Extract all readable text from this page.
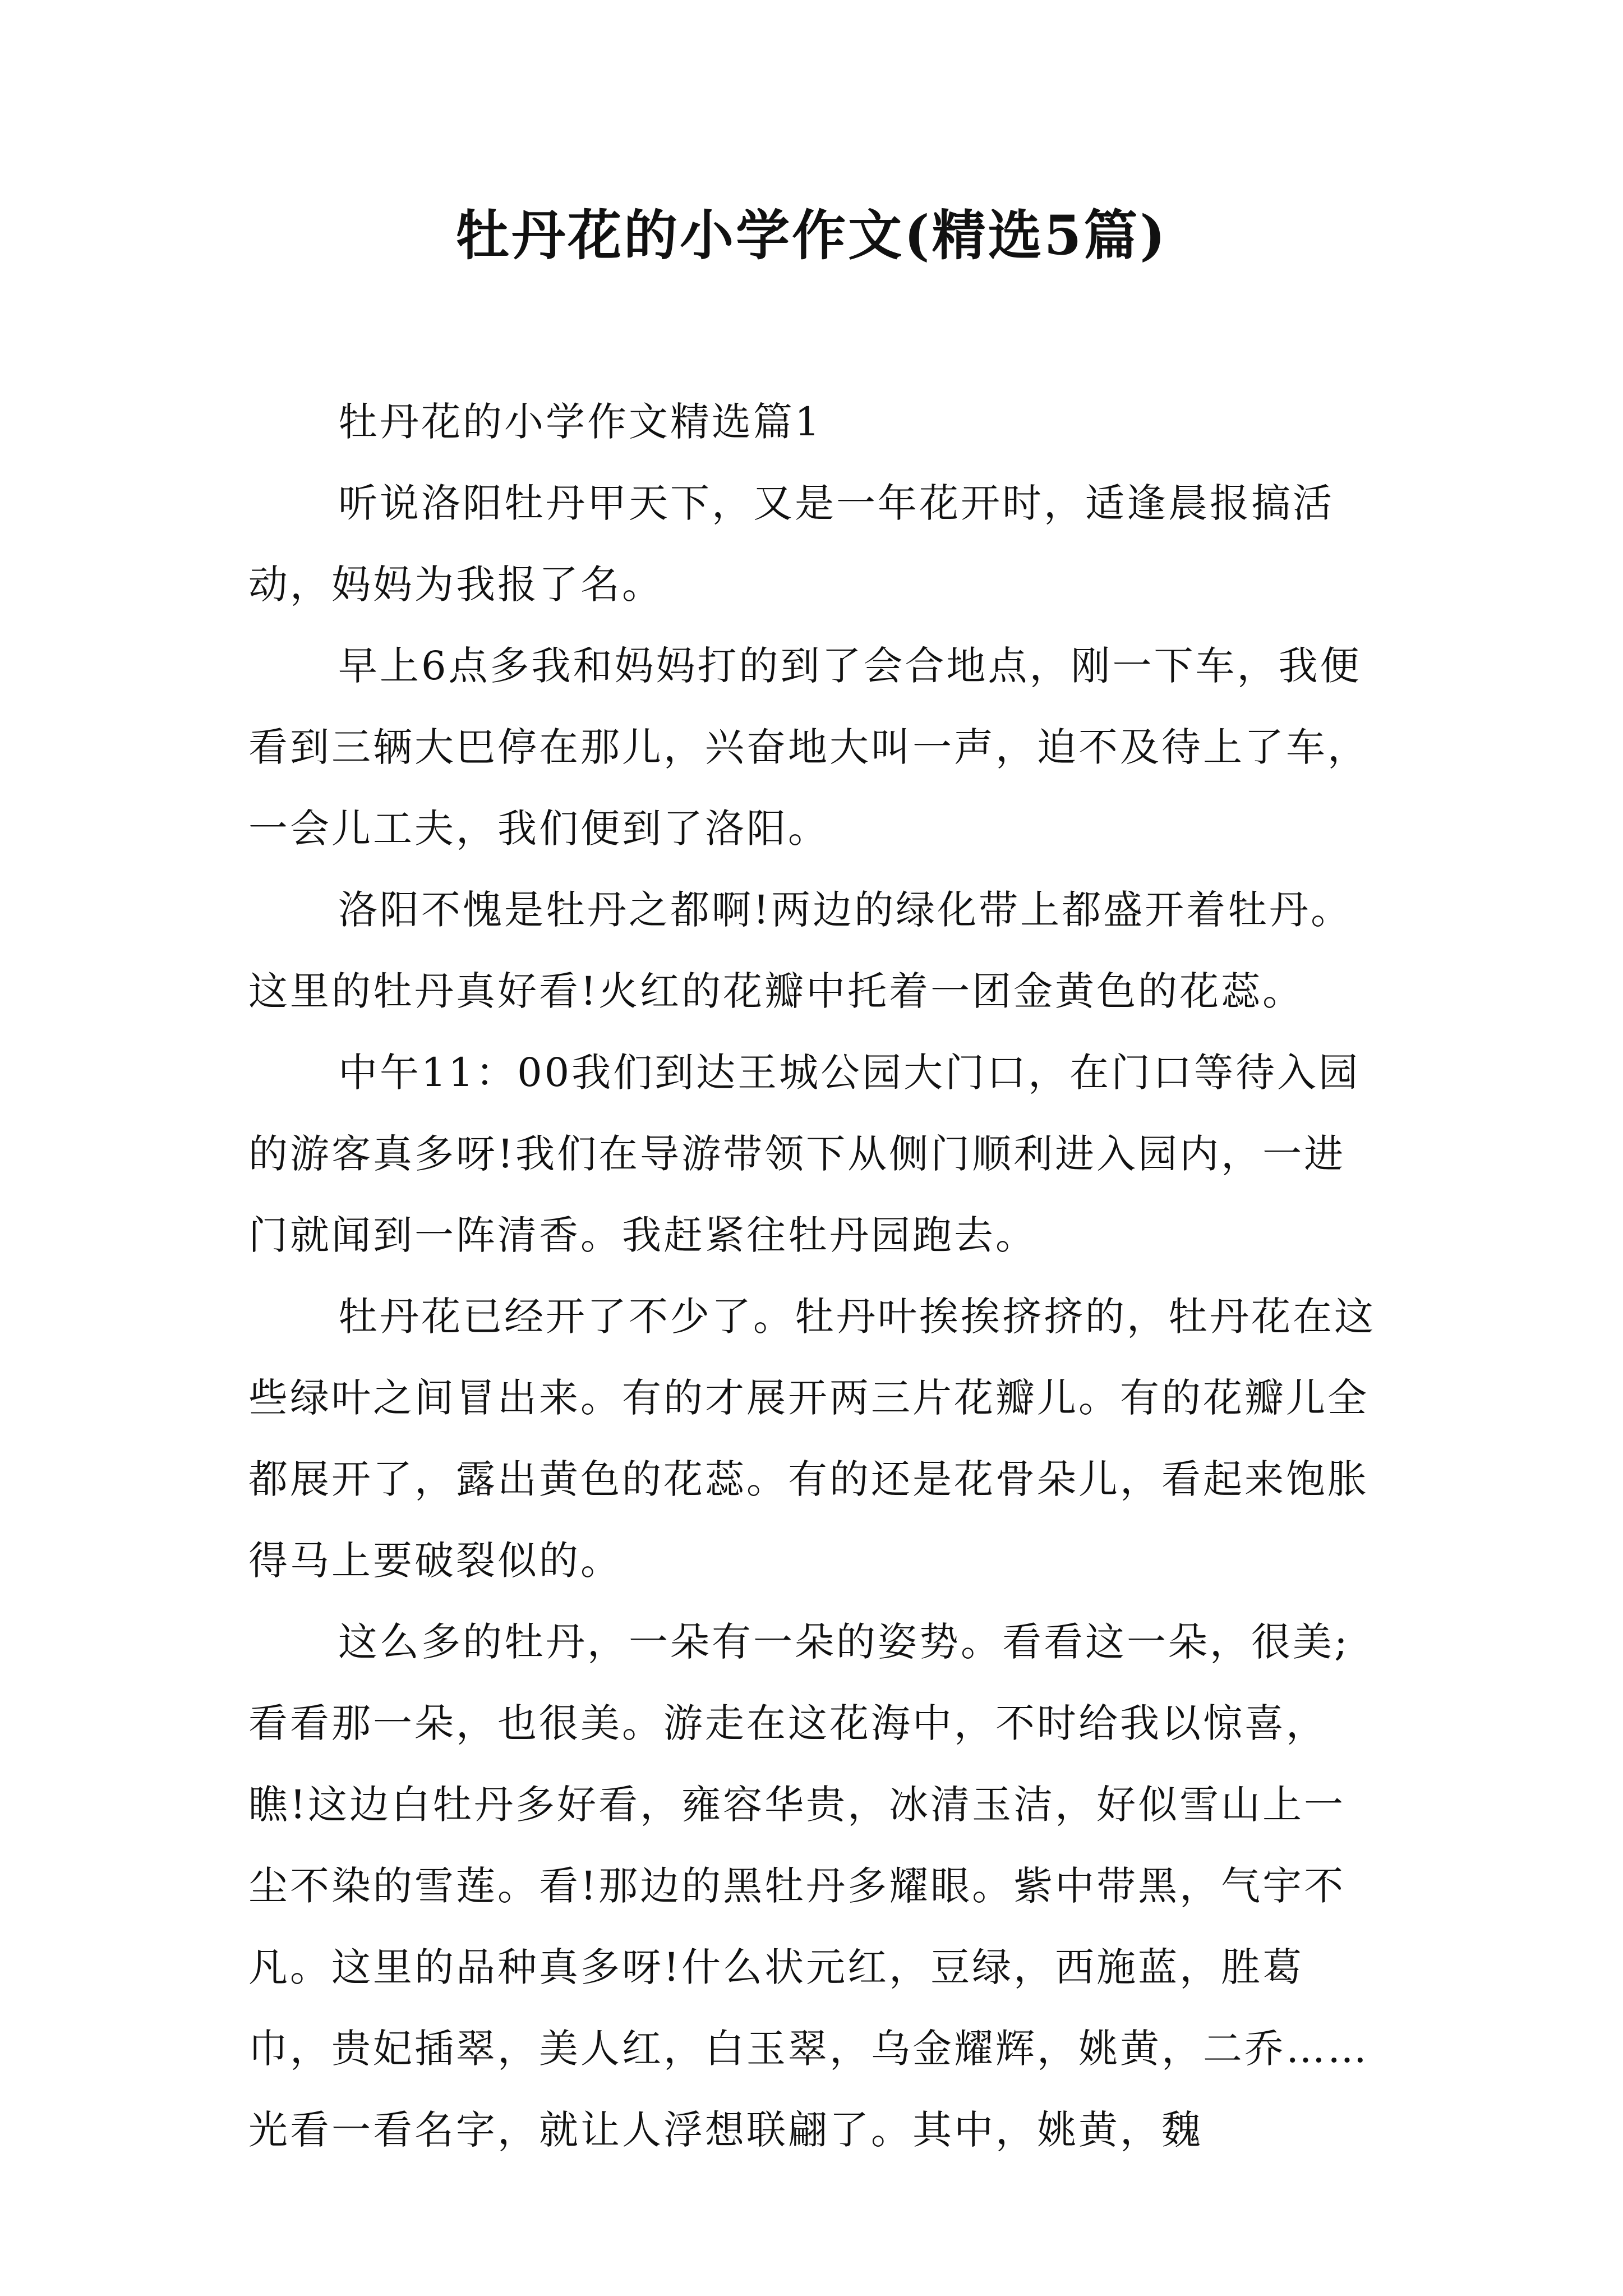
牡丹花的小学作文(精选5篇)

牡丹花的小学作文精选篇1

听说洛阳牡丹甲天下，又是一年花开时，适逢晨报搞活动，妈妈为我报了名。

早上6点多我和妈妈打的到了会合地点，刚一下车，我便看到三辆大巴停在那儿，兴奋地大叫一声，迫不及待上了车，一会儿工夫，我们便到了洛阳。

洛阳不愧是牡丹之都啊!两边的绿化带上都盛开着牡丹。这里的牡丹真好看!火红的花瓣中托着一团金黄色的花蕊。

中午11：00我们到达王城公园大门口，在门口等待入园的游客真多呀!我们在导游带领下从侧门顺利进入园内，一进门就闻到一阵清香。我赶紧往牡丹园跑去。

牡丹花已经开了不少了。牡丹叶挨挨挤挤的，牡丹花在这些绿叶之间冒出来。有的才展开两三片花瓣儿。有的花瓣儿全都展开了，露出黄色的花蕊。有的还是花骨朵儿，看起来饱胀得马上要破裂似的。

这么多的牡丹，一朵有一朵的姿势。看看这一朵，很美;看看那一朵，也很美。游走在这花海中，不时给我以惊喜，瞧!这边白牡丹多好看，雍容华贵，冰清玉洁，好似雪山上一尘不染的雪莲。看!那边的黑牡丹多耀眼。紫中带黑，气宇不凡。这里的品种真多呀!什么状元红，豆绿，西施蓝，胜葛巾，贵妃插翠，美人红，白玉翠，乌金耀辉，姚黄，二乔……光看一看名字，就让人浮想联翩了。其中，姚黄，魏
